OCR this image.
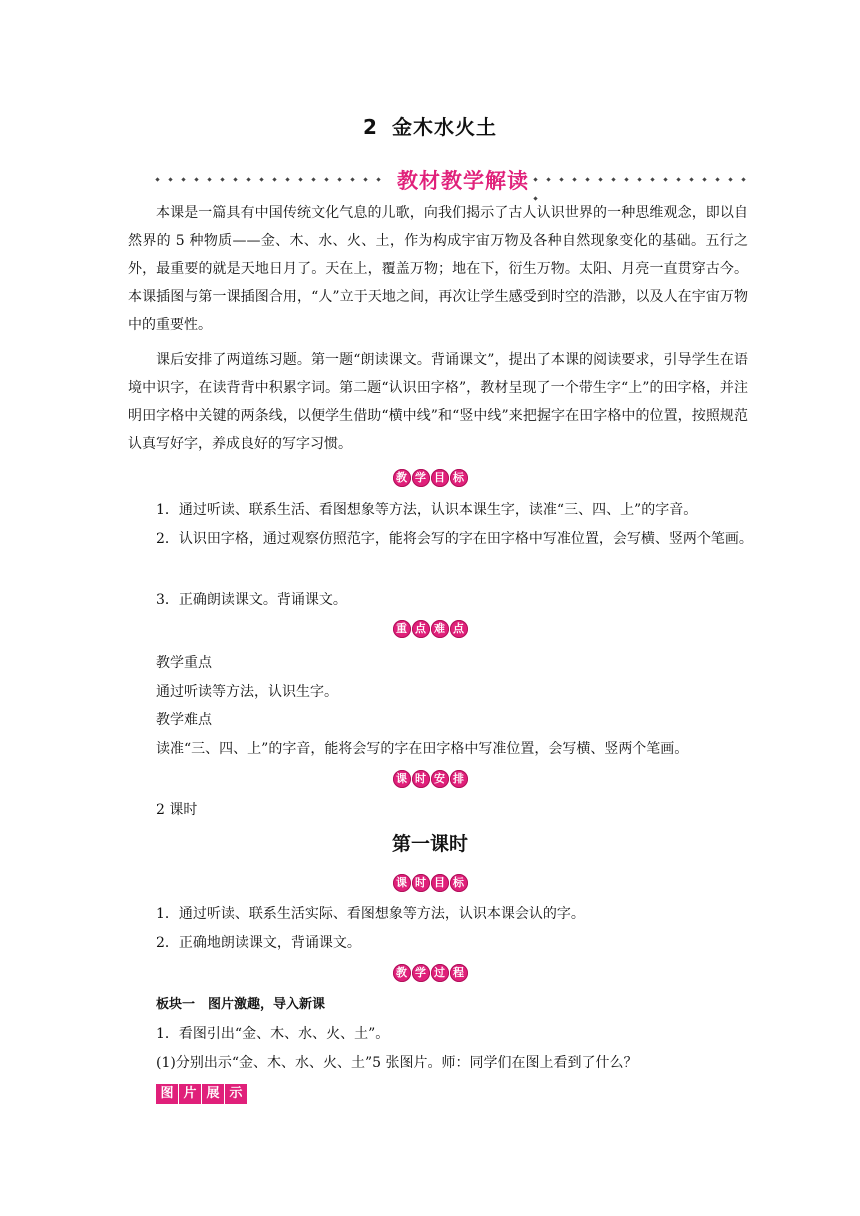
2 金木水火土
教材教学解读

本课是一篇具有中国传统文化气息的儿歌，向我们揭示了古人认识世界的一种思维观念，即以自然界的 5 种物质——金、木、水、火、土，作为构成宇宙万物及各种自然现象变化的基础。五行之外，最重要的就是天地日月了。天在上，覆盖万物；地在下，衍生万物。太阳、月亮一直贯穿古今。本课插图与第一课插图合用，“人”立于天地之间，再次让学生感受到时空的浩渺，以及人在宇宙万物中的重要性。

课后安排了两道练习题。第一题“朗读课文。背诵课文”，提出了本课的阅读要求，引导学生在语境中识字，在读背背中积累字词。第二题“认识田字格”，教材呈现了一个带生字“上”的田字格，并注明田字格中关键的两条线，以便学生借助“横中线”和“竖中线”来把握字在田字格中的位置，按照规范认真写好字，养成良好的写字习惯。

教 学 目 标
1．通过听读、联系生活、看图想象等方法，认识本课生字，读准“三、四、上”的字音。

2．认识田字格，通过观察仿照范字，能将会写的字在田字格中写准位置，会写横、竖两个笔画。

3．正确朗读课文。背诵课文。
重 点 难 点
教学重点
通过听读等方法，认识生字。
教学难点
读准“三、四、上”的字音，能将会写的字在田字格中写准位置，会写横、竖两个笔画。
课 时 安 排
2 课时
第一课时
课 时 目 标
1．通过听读、联系生活实际、看图想象等方法，认识本课会认的字。
2．正确地朗读课文，背诵课文。
教 学 过 程
板块一　图片激趣，导入新课
1．看图引出“金、木、水、火、土”。
(1)分别出示“金、木、水、火、土”5 张图片。师：同学们在图上看到了什么？
图 片 展 示
